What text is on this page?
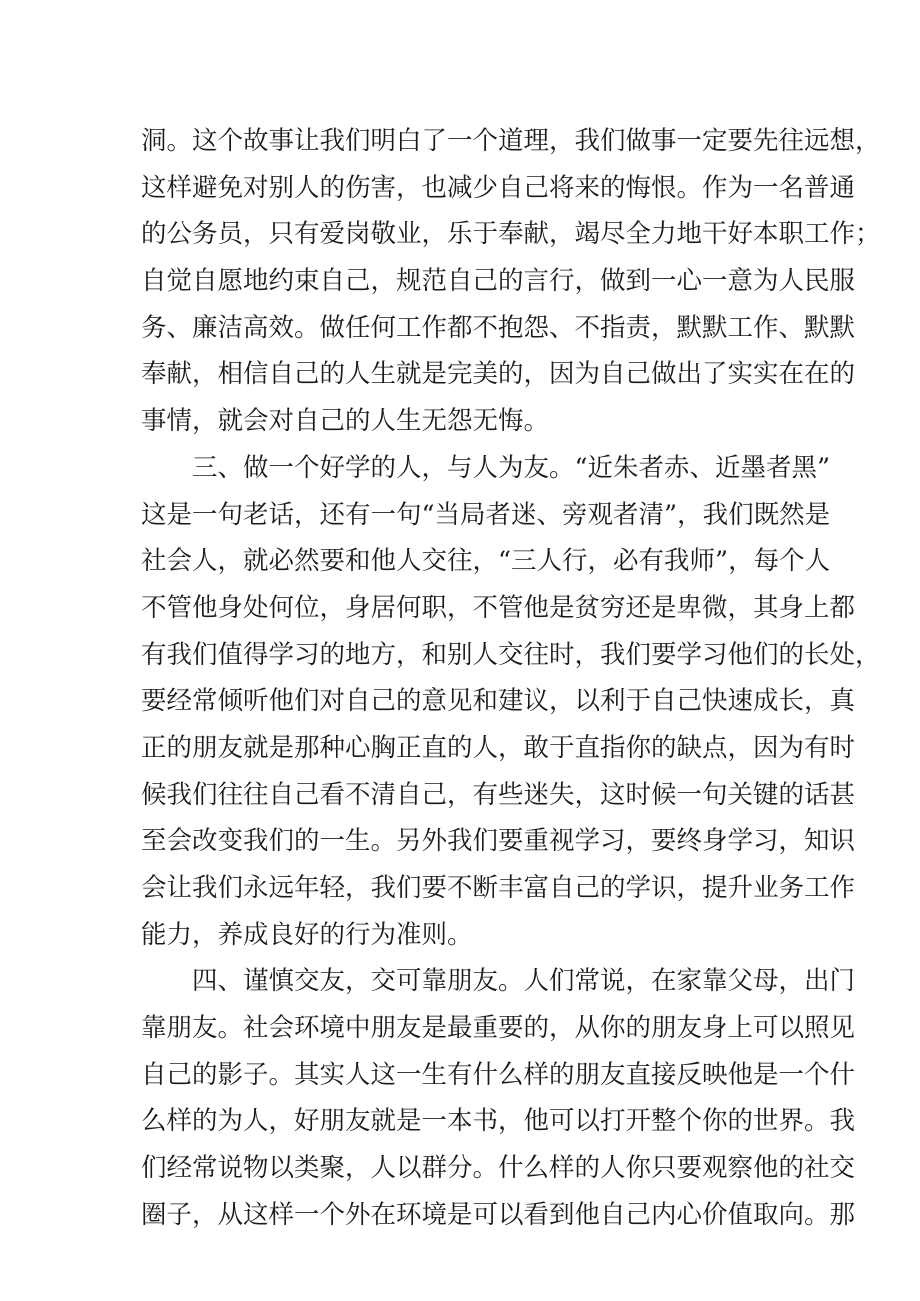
洞。这个故事让我们明白了一个道理，我们做事一定要先往远想，
这样避免对别人的伤害，也减少自己将来的悔恨。作为一名普通
的公务员，只有爱岗敬业，乐于奉献，竭尽全力地干好本职工作；
自觉自愿地约束自己，规范自己的言行，做到一心一意为人民服
务、廉洁高效。做任何工作都不抱怨、不指责，默默工作、默默
奉献，相信自己的人生就是完美的，因为自己做出了实实在在的
事情，就会对自己的人生无怨无悔。
三、做一个好学的人，与人为友。“近朱者赤、近墨者黑”
这是一句老话，还有一句“当局者迷、旁观者清”，我们既然是
社会人，就必然要和他人交往，“三人行，必有我师”，每个人
不管他身处何位，身居何职，不管他是贫穷还是卑微，其身上都
有我们值得学习的地方，和别人交往时，我们要学习他们的长处，
要经常倾听他们对自己的意见和建议，以利于自己快速成长，真
正的朋友就是那种心胸正直的人，敢于直指你的缺点，因为有时
候我们往往自己看不清自己，有些迷失，这时候一句关键的话甚
至会改变我们的一生。另外我们要重视学习，要终身学习，知识
会让我们永远年轻，我们要不断丰富自己的学识，提升业务工作
能力，养成良好的行为准则。
四、谨慎交友，交可靠朋友。人们常说，在家靠父母，出门
靠朋友。社会环境中朋友是最重要的，从你的朋友身上可以照见
自己的影子。其实人这一生有什么样的朋友直接反映他是一个什
么样的为人，好朋友就是一本书，他可以打开整个你的世界。我
们经常说物以类聚，人以群分。什么样的人你只要观察他的社交
圈子，从这样一个外在环境是可以看到他自己内心价值取向。那
